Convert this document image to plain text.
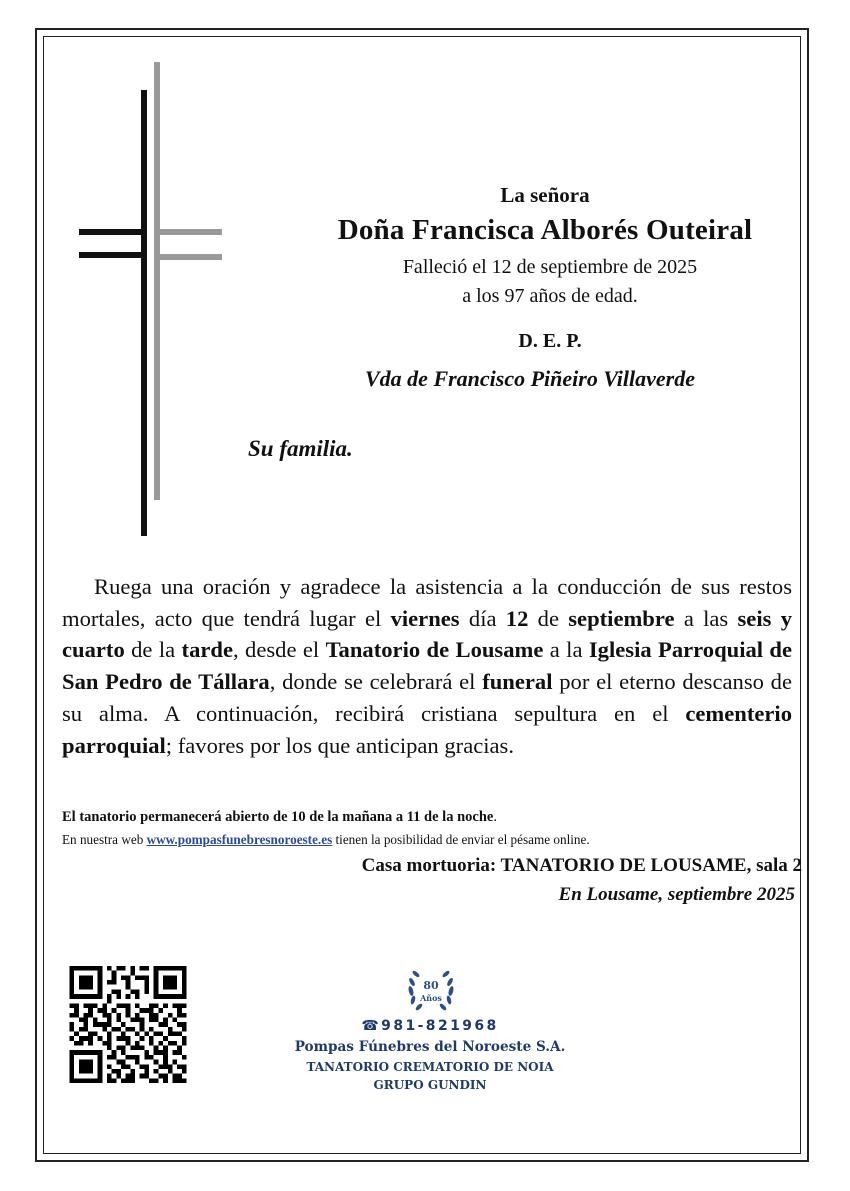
La señora
Doña Francisca Alborés Outeiral
Falleció el 12 de septiembre de 2025
a los 97 años de edad.
D. E. P.
Vda de Francisco Piñeiro Villaverde
Su familia.
Ruega una oración y agradece la asistencia a la conducción de sus restos mortales, acto que tendrá lugar el viernes día 12 de septiembre a las seis y cuarto de la tarde, desde el Tanatorio de Lousame a la Iglesia Parroquial de San Pedro de Tállara, donde se celebrará el funeral por el eterno descanso de su alma. A continuación, recibirá cristiana sepultura en el cementerio parroquial; favores por los que anticipan gracias.
El tanatorio permanecerá abierto de 10 de la mañana a 11 de la noche.
En nuestra web www.pompasfunebresnoroeste.es tienen la posibilidad de enviar el pésame online.
Casa mortuoria: TANATORIO DE LOUSAME, sala 2
En Lousame, septiembre 2025
80
Años
☎981-821968
Pompas Fúnebres del Noroeste S.A.
TANATORIO CREMATORIO DE NOIA
GRUPO GUNDIN
